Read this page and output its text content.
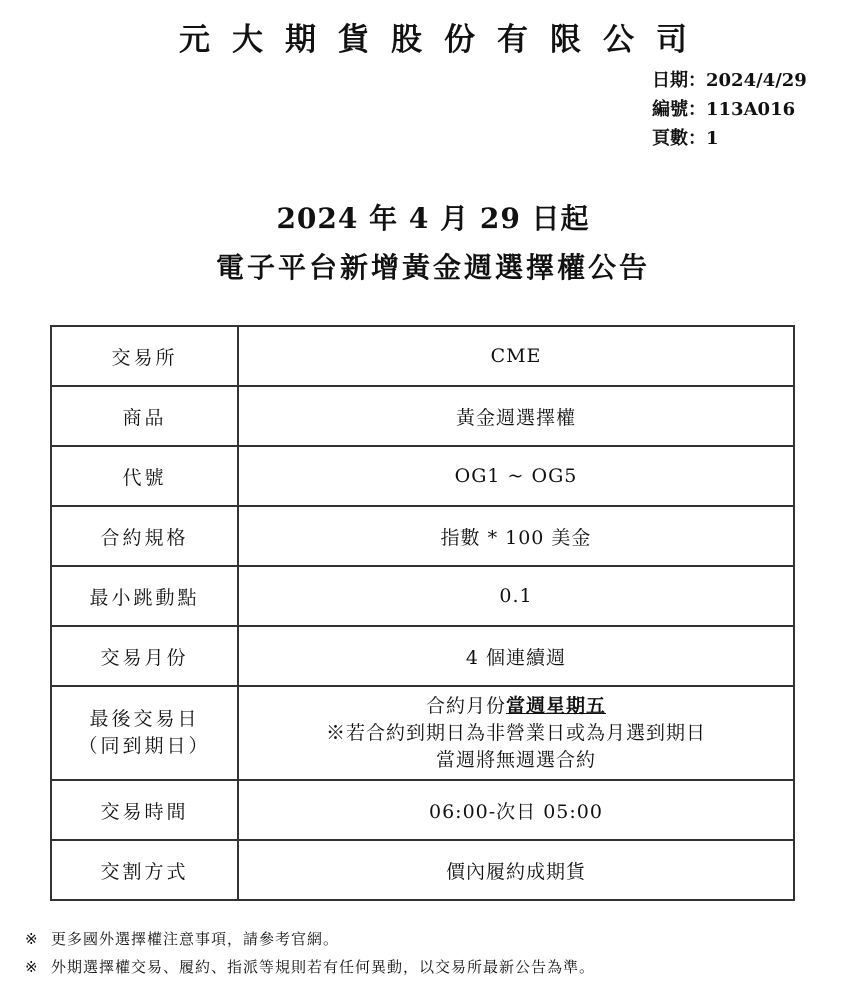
元大期貨股份有限公司
日期：2024/4/29
編號：113A016
頁數：1
2024 年 4 月 29 日起
電子平台新增黃金週選擇權公告
交易所	CME
商品	黃金週選擇權
代號	OG1 ~ OG5
合約規格	指數 * 100 美金
最小跳動點	0.1
交易月份	4 個連續週

最後交易日
（同到期日）	合約月份當週星期五
※若合約到期日為非營業日或為月選到期日
當週將無週選合約

交易時間	06:00-次日 05:00
交割方式	價內履約成期貨
※ 更多國外選擇權注意事項，請參考官網。
※ 外期選擇權交易、履約、指派等規則若有任何異動，以交易所最新公告為準。
